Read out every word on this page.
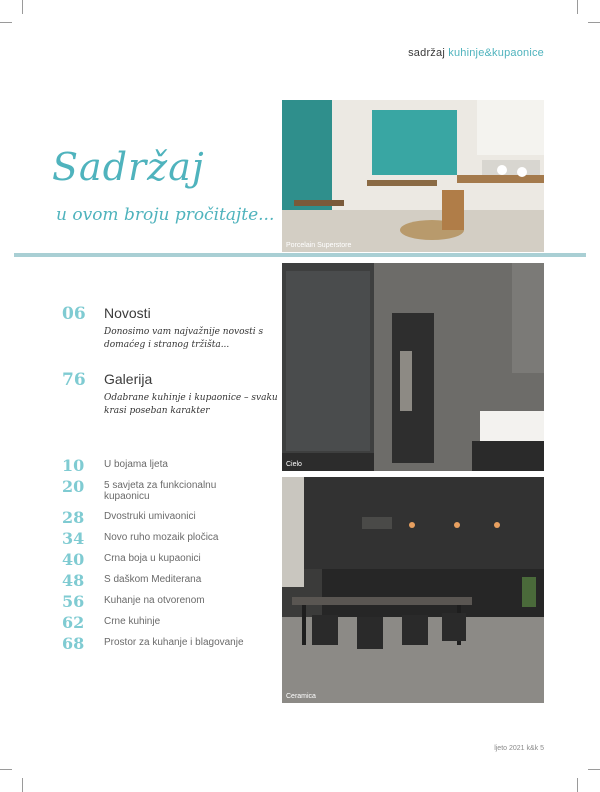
sadržaj kuhinje&kupaonice
Sadržaj
u ovom broju pročitajte...
Porcelain Superstore
Cielo
Ceramica
06	Novosti
Donosimo vam najvažnije novosti s domaćeg i stranog tržišta...
76	Galerija
Odabrane kuhinje i kupaonice – svaku krasi poseban karakter
10	U bojama ljeta
20	5 savjeta za funkcionalnu kupaonicu
28	Dvostruki umivaonici
34	Novo ruho mozaik pločica
40	Crna boja u kupaonici
48	S daškom Mediterana
56	Kuhanje na otvorenom
62	Crne kuhinje
68	Prostor za kuhanje i blagovanje
ljeto 2021 k&k 5
